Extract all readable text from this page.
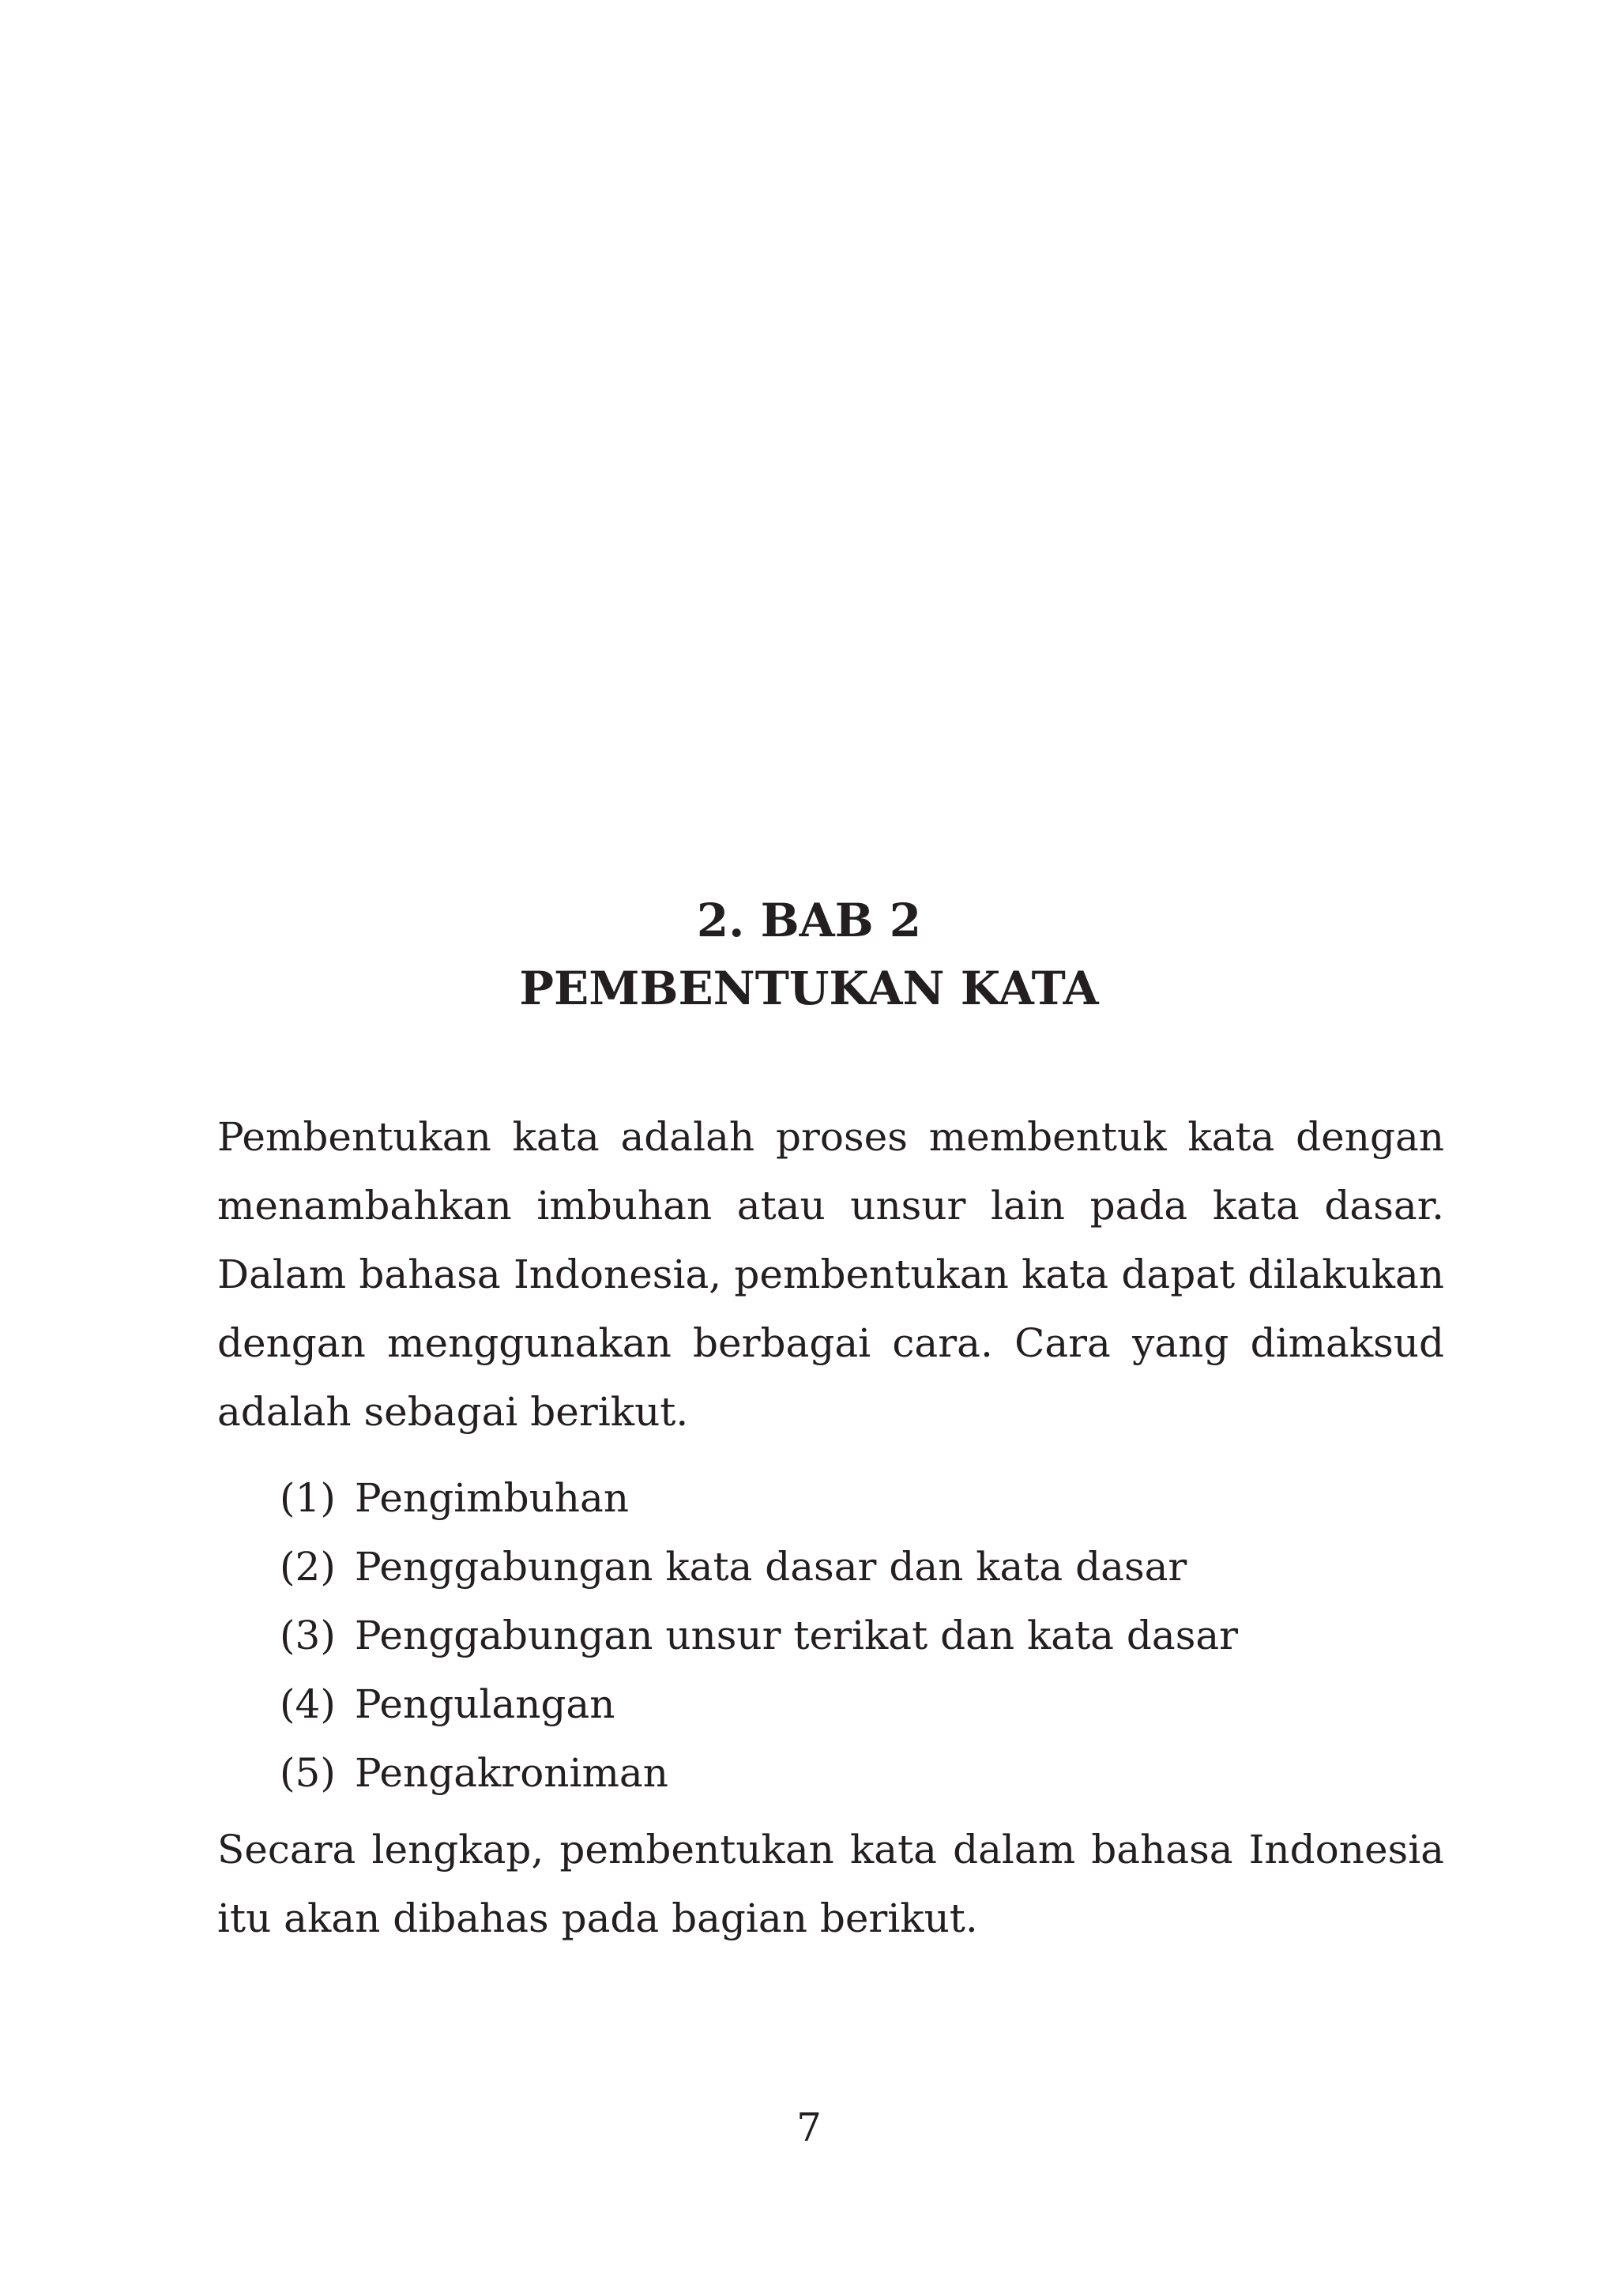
2. BAB 2
PEMBENTUKAN KATA
Pembentukan kata adalah proses membentuk kata dengan
menambahkan imbuhan atau unsur lain pada kata dasar.
Dalam bahasa Indonesia, pembentukan kata dapat dilakukan
dengan menggunakan berbagai cara. Cara yang dimaksud
adalah sebagai berikut.
(1) Pengimbuhan
(2) Penggabungan kata dasar dan kata dasar
(3) Penggabungan unsur terikat dan kata dasar
(4) Pengulangan
(5) Pengakroniman
Secara lengkap, pembentukan kata dalam bahasa Indonesia
itu akan dibahas pada bagian berikut.
7
